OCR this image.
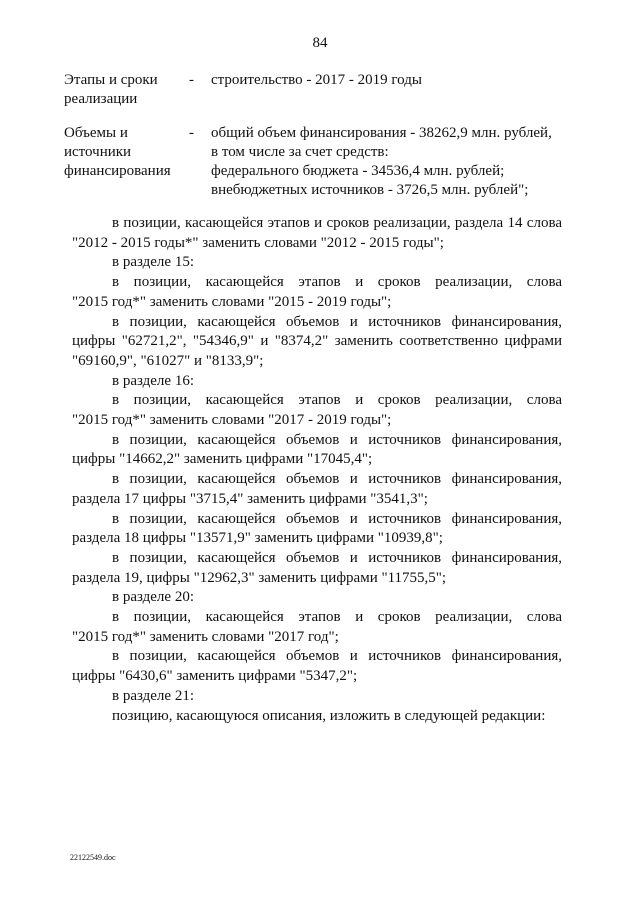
84
Этапы и сроки
реализации
- строительство - 2017 - 2019 годы
Объемы и
источники
финансирования
- общий объем финансирования - 38262,9 млн. рублей,
в том числе за счет средств:
федерального бюджета - 34536,4 млн. рублей;
внебюджетных источников - 3726,5 млн. рублей";
в позиции, касающейся этапов и сроков реализации, раздела 14 слова
"2012 - 2015 годы*" заменить словами "2012 - 2015 годы";
в разделе 15:
в позиции, касающейся этапов и сроков реализации, слова
"2015 год*" заменить словами "2015 - 2019 годы";
в позиции, касающейся объемов и источников финансирования,
цифры "62721,2", "54346,9" и "8374,2" заменить соответственно цифрами
"69160,9", "61027" и "8133,9";
в разделе 16:
в позиции, касающейся этапов и сроков реализации, слова
"2015 год*" заменить словами "2017 - 2019 годы";
в позиции, касающейся объемов и источников финансирования,
цифры "14662,2" заменить цифрами "17045,4";
в позиции, касающейся объемов и источников финансирования,
раздела 17 цифры "3715,4" заменить цифрами "3541,3";
в позиции, касающейся объемов и источников финансирования,
раздела 18 цифры "13571,9" заменить цифрами "10939,8";
в позиции, касающейся объемов и источников финансирования,
раздела 19, цифры "12962,3" заменить цифрами "11755,5";
в разделе 20:
в позиции, касающейся этапов и сроков реализации, слова
"2015 год*" заменить словами "2017 год";
в позиции, касающейся объемов и источников финансирования,
цифры "6430,6" заменить цифрами "5347,2";
в разделе 21:
позицию, касающуюся описания, изложить в следующей редакции:
22122549.doc
